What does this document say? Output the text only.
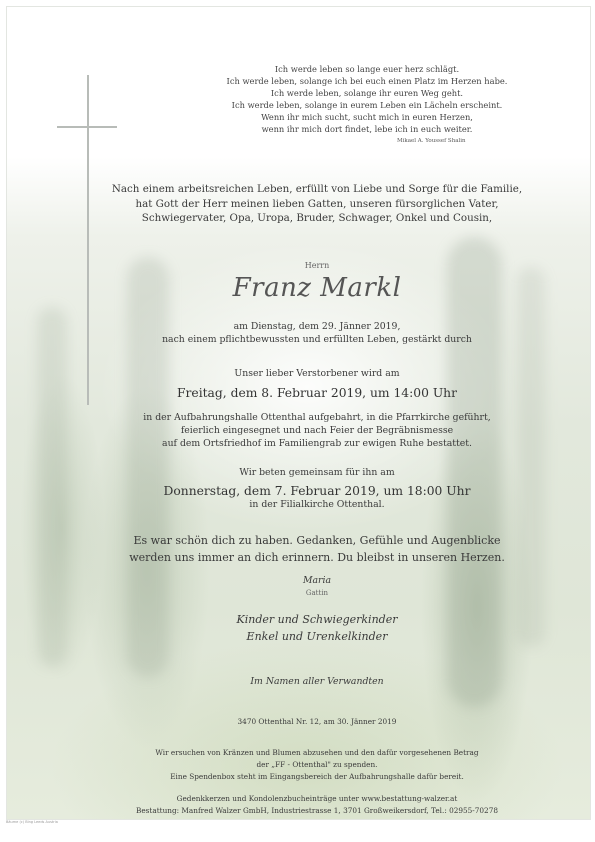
Ich werde leben so lange euer herz schlägt.
Ich werde leben, solange ich bei euch einen Platz im Herzen habe.
Ich werde leben, solange ihr euren Weg geht.
Ich werde leben, solange in eurem Leben ein Lächeln erscheint.
Wenn ihr mich sucht, sucht mich in euren Herzen,
wenn ihr mich dort findet, lebe ich in euch weiter.
Mikael A. Youssef Shalin
Nach einem arbeitsreichen Leben, erfüllt von Liebe und Sorge für die Familie, hat Gott der Herr meinen lieben Gatten, unseren fürsorglichen Vater, Schwiegervater, Opa, Uropa, Bruder, Schwager, Onkel und Cousin,
Herrn
Franz Markl
am Dienstag, dem 29. Jänner 2019,
nach einem pflichtbewussten und erfüllten Leben, gestärkt durch
Unser lieber Verstorbener wird am
Freitag, dem 8. Februar 2019, um 14:00 Uhr
in der Aufbahrungshalle Ottenthal aufgebahrt, in die Pfarrkirche geführt,
feierlich eingesegnet und nach Feier der Begräbnismesse
auf dem Ortsfriedhof im Familiengrab zur ewigen Ruhe bestattet.
Wir beten gemeinsam für ihn am
Donnerstag, dem 7. Februar 2019, um 18:00 Uhr
in der Filialkirche Ottenthal.
Es war schön dich zu haben. Gedanken, Gefühle und Augenblicke
werden uns immer an dich erinnern. Du bleibst in unseren Herzen.
Maria
Gattin
Kinder und Schwiegerkinder
Enkel und Urenkelkinder
Im Namen aller Verwandten
3470 Ottenthal Nr. 12, am 30. Jänner 2019
Wir ersuchen von Kränzen und Blumen abzusehen und den dafür vorgesehenen Betrag
der „FF - Ottenthal" zu spenden.
Eine Spendenbox steht im Eingangsbereich der Aufbahrungshalle dafür bereit.
Gedenkkerzen und Kondolenzbucheinträge unter www.bestattung-walzer.at
Bestattung: Manfred Walzer GmbH, Industriestrasse 1, 3701 Großweikersdorf, Tel.: 02955-70278
Bäume (c) Bing Leeds Austria
